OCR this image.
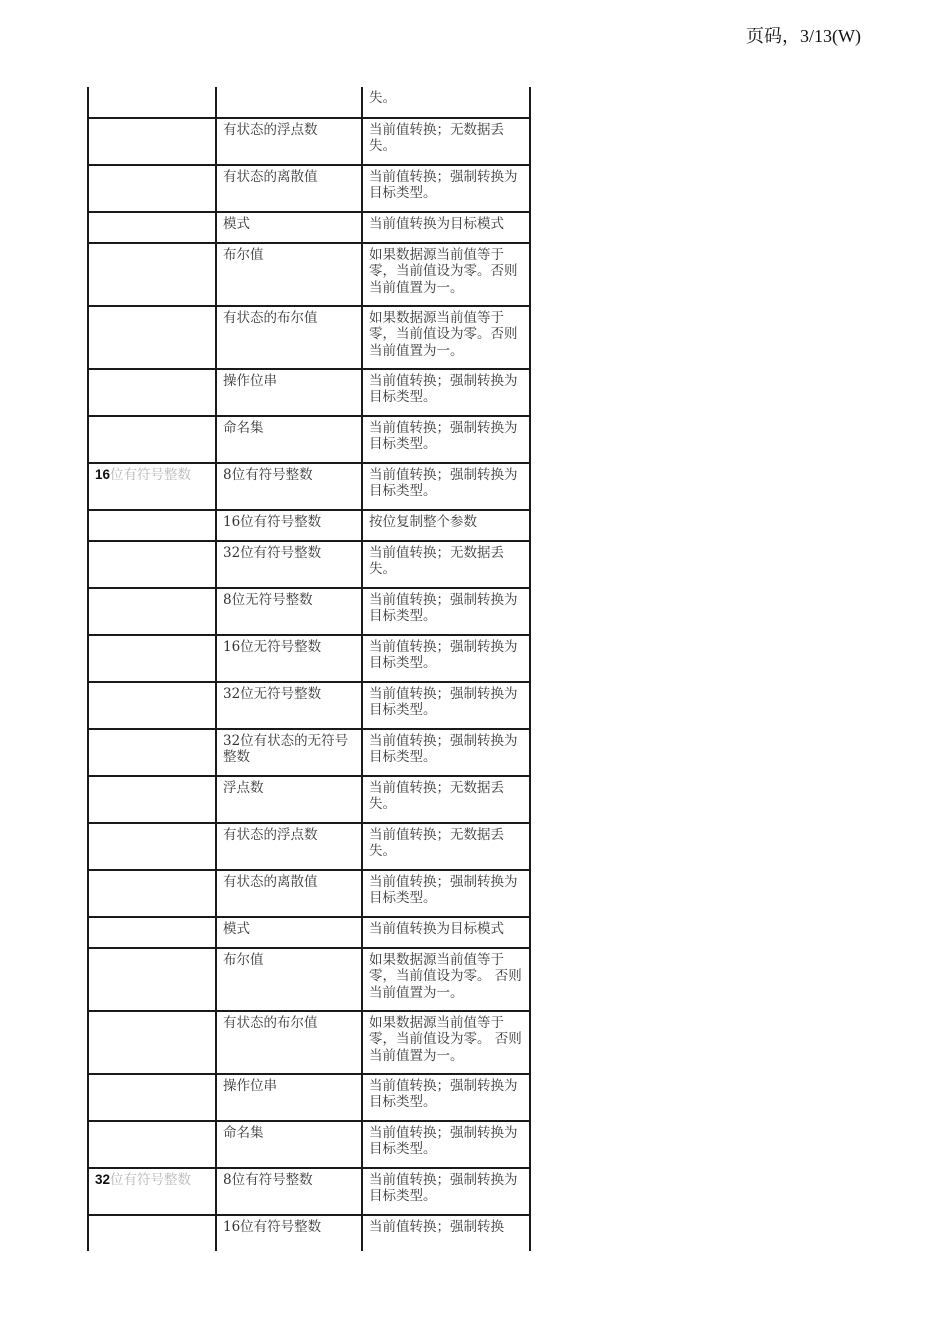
页码，3/13(W)
		失。
	有状态的浮点数	当前值转换；无数据丢失。
	有状态的离散值	当前值转换；强制转换为目标类型。
	模式	当前值转换为目标模式
	布尔值	如果数据源当前值等于零，当前值设为零。否则当前值置为一。
	有状态的布尔值	如果数据源当前值等于零，当前值设为零。否则当前值置为一。
	操作位串	当前值转换；强制转换为目标类型。
	命名集	当前值转换；强制转换为目标类型。
16位有符号整数	8位有符号整数	当前值转换；强制转换为目标类型。
	16位有符号整数	按位复制整个参数
	32位有符号整数	当前值转换；无数据丢失。
	8位无符号整数	当前值转换；强制转换为目标类型。
	16位无符号整数	当前值转换；强制转换为目标类型。
	32位无符号整数	当前值转换；强制转换为目标类型。
	32位有状态的无符号整数	当前值转换；强制转换为目标类型。
	浮点数	当前值转换；无数据丢失。
	有状态的浮点数	当前值转换；无数据丢失。
	有状态的离散值	当前值转换；强制转换为目标类型。
	模式	当前值转换为目标模式
	布尔值	如果数据源当前值等于零，当前值设为零。 否则当前值置为一。
	有状态的布尔值	如果数据源当前值等于零，当前值设为零。 否则当前值置为一。
	操作位串	当前值转换；强制转换为目标类型。
	命名集	当前值转换；强制转换为目标类型。
32位有符号整数	8位有符号整数	当前值转换；强制转换为目标类型。
	16位有符号整数	当前值转换；强制转换
